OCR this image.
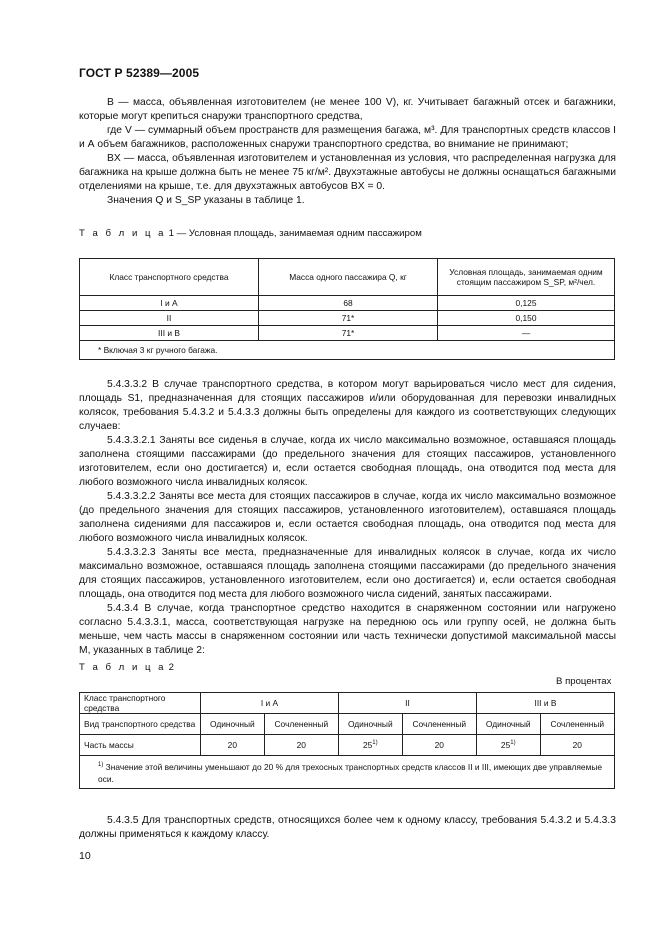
ГОСТ Р 52389—2005

B — масса, объявленная изготовителем (не менее 100 V), кг. Учитывает багажный отсек и багажники, которые могут крепиться снаружи транспортного средства,

где V — суммарный объем пространств для размещения багажа, м³. Для транспортных средств классов I и А объем багажников, расположенных снаружи транспортного средства, во внимание не принимают;

BX — масса, объявленная изготовителем и установленная из условия, что распределенная нагрузка для багажника на крыше должна быть не менее 75 кг/м². Двухэтажные автобусы не должны оснащаться багажными отделениями на крыше, т.е. для двухэтажных автобусов BX = 0.

Значения Q и S_SP указаны в таблице 1.

Т а б л и ц а 1 — Условная площадь, занимаемая одним пассажиром
Класс транспортного средства	Масса одного пассажира Q, кг	Условная площадь, занимаемая одним стоящим пассажиром S_SP, м²/чел.
I и А	68	0,125
II	71*	0,150
III и В	71*	—
* Включая 3 кг ручного багажа.		

5.4.3.3.2 В случае транспортного средства, в котором могут варьироваться число мест для сидения, площадь S1, предназначенная для стоящих пассажиров и/или оборудованная для перевозки инвалидных колясок, требования 5.4.3.2 и 5.4.3.3 должны быть определены для каждого из соответствующих следующих случаев:

5.4.3.3.2.1 Заняты все сиденья в случае, когда их число максимально возможное, оставшаяся площадь заполнена стоящими пассажирами (до предельного значения для стоящих пассажиров, установленного изготовителем, если оно достигается) и, если остается свободная площадь, она отводится под места для любого возможного числа инвалидных колясок.

5.4.3.3.2.2 Заняты все места для стоящих пассажиров в случае, когда их число максимально возможное (до предельного значения для стоящих пассажиров, установленного изготовителем), оставшаяся площадь заполнена сидениями для пассажиров и, если остается свободная площадь, она отводится под места для любого возможного числа инвалидных колясок.

5.4.3.3.2.3 Заняты все места, предназначенные для инвалидных колясок в случае, когда их число максимально возможное, оставшаяся площадь заполнена стоящими пассажирами (до предельного значения для стоящих пассажиров, установленного изготовителем, если оно достигается) и, если остается свободная площадь, она отводится под места для любого возможного числа сидений, занятых пассажирами.

5.4.3.4 В случае, когда транспортное средство находится в снаряженном состоянии или нагружено согласно 5.4.3.3.1, масса, соответствующая нагрузке на переднюю ось или группу осей, не должна быть меньше, чем часть массы в снаряженном состоянии или часть технически допустимой максимальной массы M, указанных в таблице 2:

Т а б л и ц а 2
В процентах
Класс транспортного средства	I и А		II		III и В	
Вид транспортного средства	Одиночный	Сочлененный	Одиночный	Сочлененный	Одиночный	Сочлененный
Часть массы	20	20	25$^{1)}$	20	25$^{1)}$	20
$^{1)}$ Значение этой величины уменьшают до 20 % для трехосных транспортных средств классов II и III, имеющих две управляемые оси.						

5.4.3.5 Для транспортных средств, относящихся более чем к одному классу, требования 5.4.3.2 и 5.4.3.3 должны применяться к каждому классу.

10
